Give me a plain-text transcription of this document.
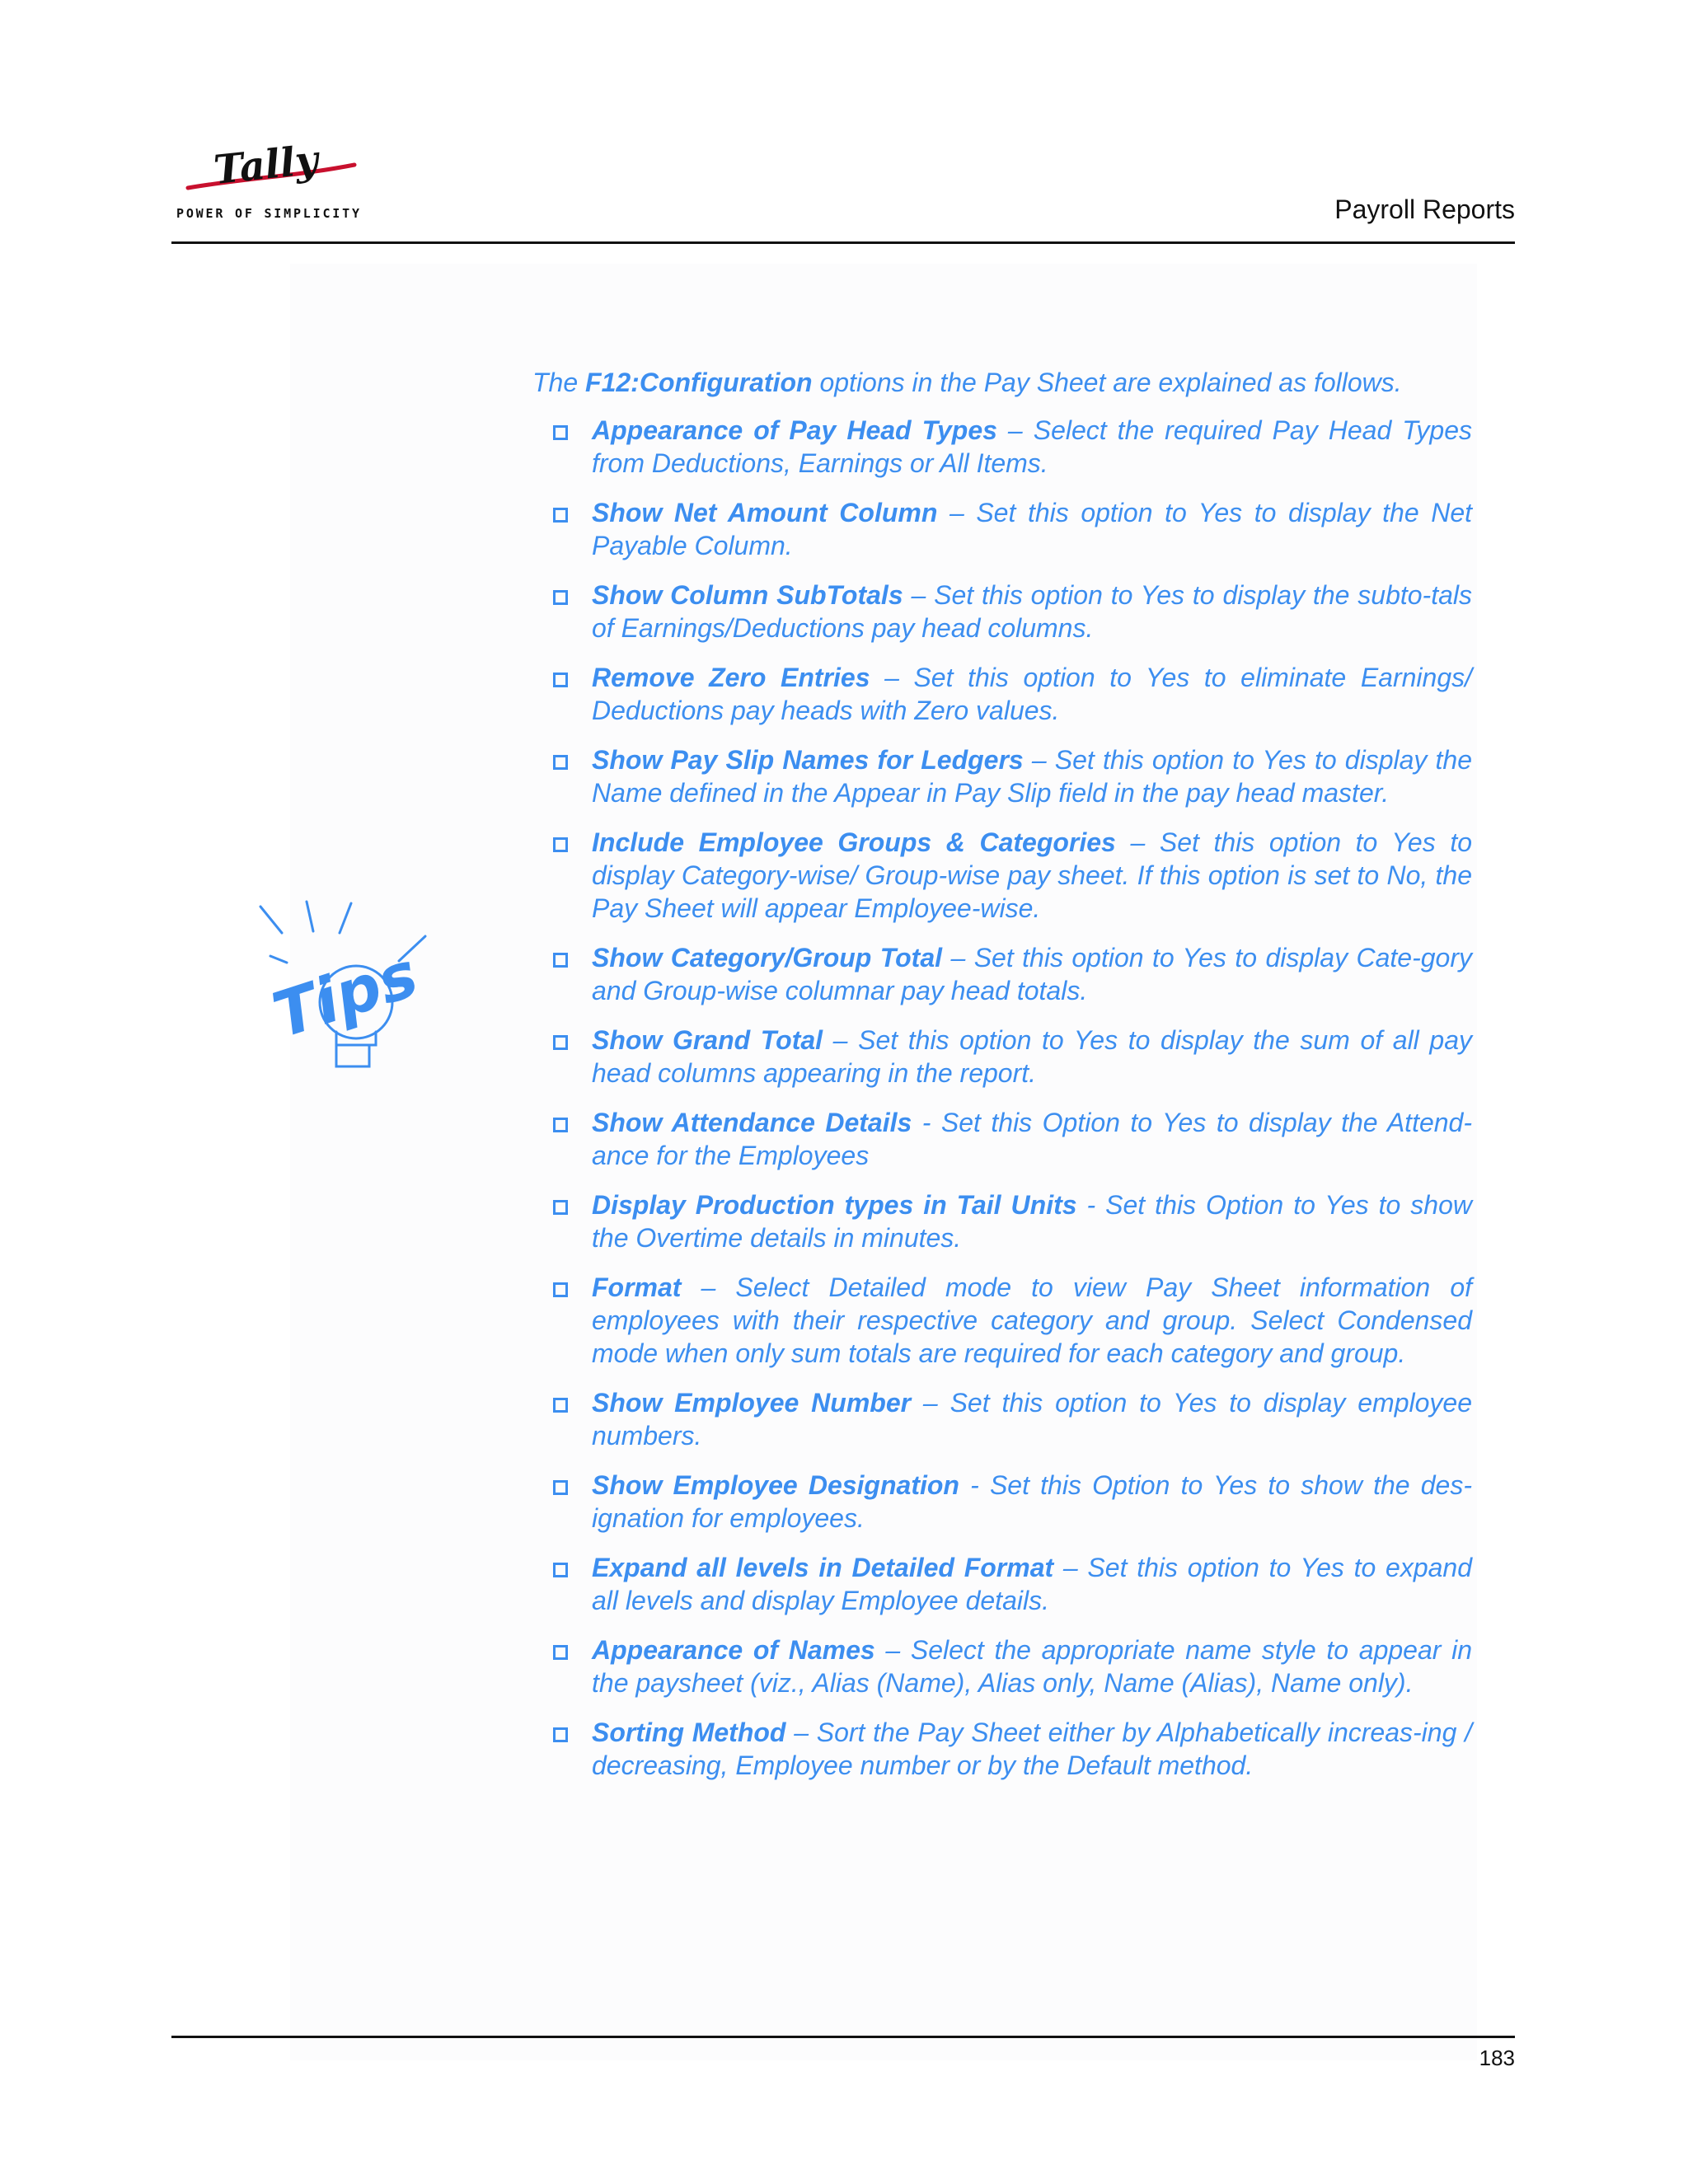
Tally
POWER OF SIMPLICITY	Payroll Reports
Tips

The F12:Configuration options in the Pay Sheet are explained as follows.

Appearance of Pay Head Types – Select the required Pay Head Types from Deductions, Earnings or All Items.
Show Net Amount Column – Set this option to Yes to display the Net Payable Column.
Show Column SubTotals – Set this option to Yes to display the subto-tals of Earnings/Deductions pay head columns.
Remove Zero Entries – Set this option to Yes to eliminate Earnings/ Deductions pay heads with Zero values.
Show Pay Slip Names for Ledgers – Set this option to Yes to display the Name defined in the Appear in Pay Slip field in the pay head master.
Include Employee Groups & Categories – Set this option to Yes to display Category-wise/ Group-wise pay sheet. If this option is set to No, the Pay Sheet will appear Employee-wise.
Show Category/Group Total – Set this option to Yes to display Cate-gory and Group-wise columnar pay head totals.
Show Grand Total – Set this option to Yes to display the sum of all pay head columns appearing in the report.
Show Attendance Details - Set this Option to Yes to display the Attend-ance for the Employees
Display Production types in Tail Units - Set this Option to Yes to show the Overtime details in minutes.
Format – Select Detailed mode to view Pay Sheet information of employees with their respective category and group. Select Condensed mode when only sum totals are required for each category and group.
Show Employee Number – Set this option to Yes to display employee numbers.
Show Employee Designation - Set this Option to Yes to show the des-ignation for employees.
Expand all levels in Detailed Format – Set this option to Yes to expand all levels and display Employee details.
Appearance of Names – Select the appropriate name style to appear in the paysheet (viz., Alias (Name), Alias only, Name (Alias), Name only).
Sorting Method – Sort the Pay Sheet either by Alphabetically increas-ing / decreasing, Employee number or by the Default method.
183
